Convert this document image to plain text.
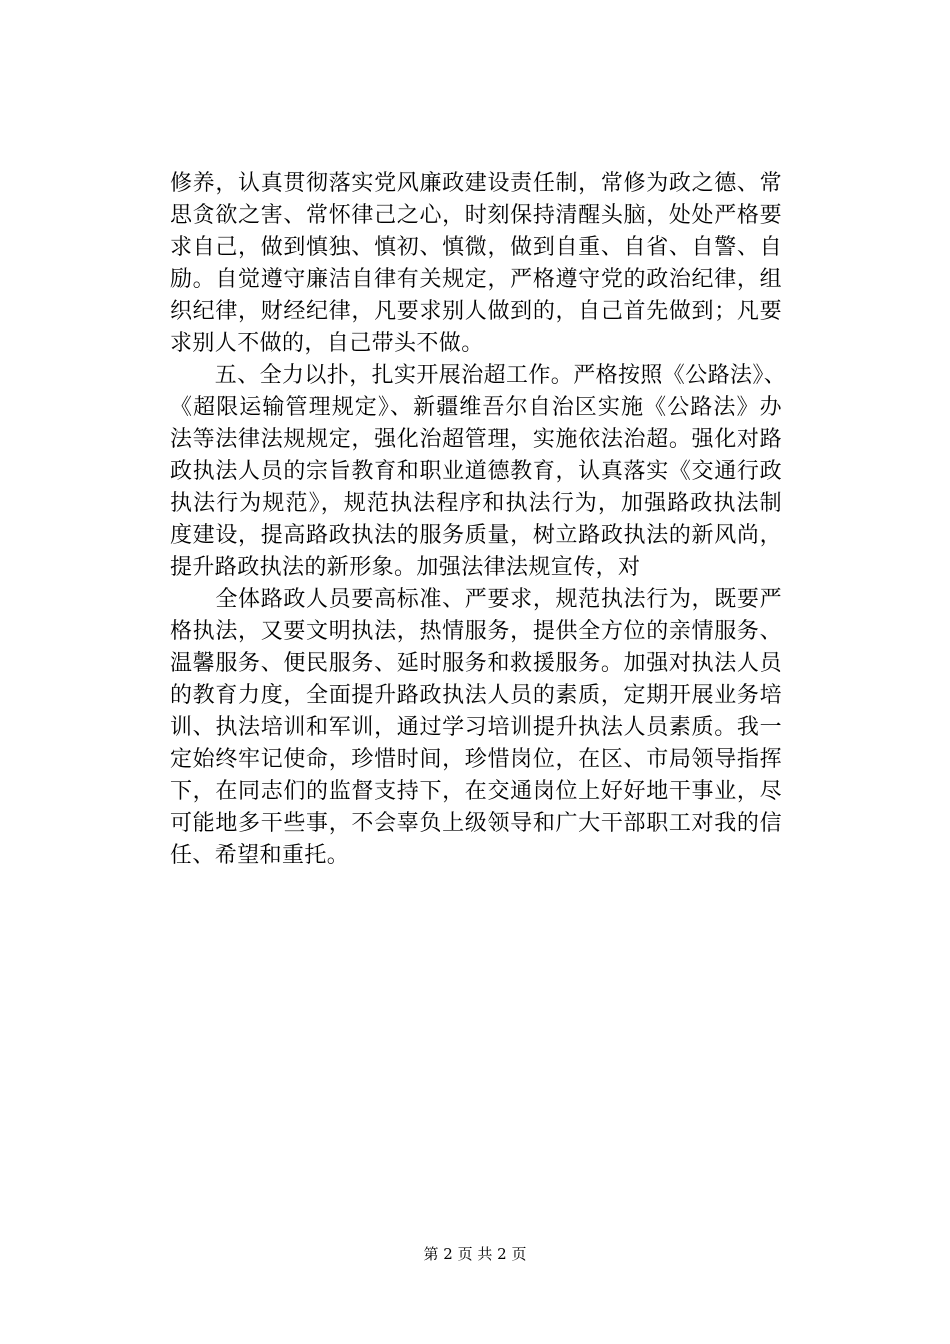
修养，认真贯彻落实党风廉政建设责任制，常修为政之德、常
思贪欲之害、常怀律己之心，时刻保持清醒头脑，处处严格要
求自己，做到慎独、慎初、慎微，做到自重、自省、自警、自
励。自觉遵守廉洁自律有关规定，严格遵守党的政治纪律，组
织纪律，财经纪律，凡要求别人做到的，自己首先做到；凡要
求别人不做的，自己带头不做。
　　五、全力以扑，扎实开展治超工作。严格按照《公路法》、
《超限运输管理规定》、新疆维吾尔自治区实施《公路法》办
法等法律法规规定，强化治超管理，实施依法治超。强化对路
政执法人员的宗旨教育和职业道德教育，认真落实《交通行政
执法行为规范》，规范执法程序和执法行为，加强路政执法制
度建设，提高路政执法的服务质量，树立路政执法的新风尚，
提升路政执法的新形象。加强法律法规宣传，对
　　全体路政人员要高标准、严要求，规范执法行为，既要严
格执法，又要文明执法，热情服务，提供全方位的亲情服务、
温馨服务、便民服务、延时服务和救援服务。加强对执法人员
的教育力度，全面提升路政执法人员的素质，定期开展业务培
训、执法培训和军训，通过学习培训提升执法人员素质。我一
定始终牢记使命，珍惜时间，珍惜岗位，在区、市局领导指挥
下，在同志们的监督支持下，在交通岗位上好好地干事业，尽
可能地多干些事，不会辜负上级领导和广大干部职工对我的信
任、希望和重托。
第 2 页 共 2 页
